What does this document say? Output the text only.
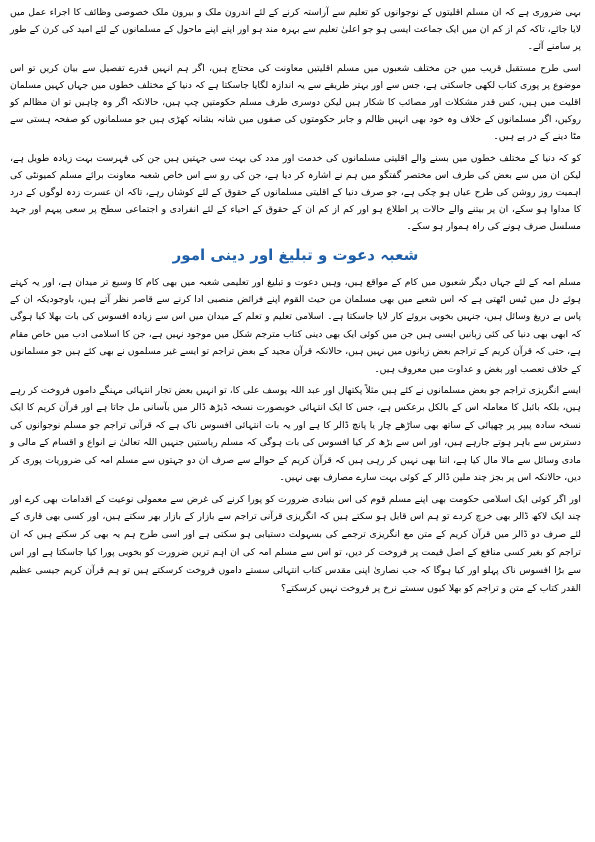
بہی ضروری ہے کہ ان مسلم اقلیتوں کے نوجوانوں کو تعلیم سے آراستہ کرنے کے لئے اندرون ملک و بیرون ملک خصوصی وظائف کا اجراء عمل میں لایا جائے، تاکہ کم از کم ان میں ایک جماعت ایسی ہو جو اعلیٰ تعلیم سے بہرہ مند ہو اور اپنے اپنے ماحول کے مسلمانوں کے لئے امید کی کرن کے طور پر سامنے آئے۔

اسی طرح مستقبل قریب میں جن مختلف شعبوں میں مسلم اقلیتیں معاونت کی محتاج ہیں، اگر ہم انہیں قدرے تفصیل سے بیان کریں تو اس موضوع پر پوری کتاب لکھی جاسکتی ہے، جس سے اور بہتر طریقے سے یہ اندازہ لگایا جاسکتا ہے کہ دنیا کے مختلف خطوں میں جہاں کہیں مسلمان اقلیت میں ہیں، کس قدر مشکلات اور مصائب کا شکار ہیں لیکن دوسری طرف مسلم حکومتیں چپ ہیں، حالانکہ اگر وہ چاہیں تو ان مظالم کو روکیں، اگر مسلمانوں کے خلاف وہ خود بھی انہیں ظالم و جابر حکومتوں کی صفوں میں شانہ بشانہ کھڑی ہیں جو مسلمانوں کو صفحہ ہستی سے مٹا دینے کے در پے ہیں۔

کو کہ دنیا کے مختلف خطوں میں بسنے والے اقلیتی مسلمانوں کی خدمت اور مدد کی بہت سی جہتیں ہیں جن کی فہرست بہت زیادہ طویل ہے، لیکن ان میں سے بعض کی طرف اس مختصر گفتگو میں ہم نے اشارہ کر دیا ہے، جن کی رو سے اس خاص شعبہ معاونت برائے مسلم کمیونٹی کی اہمیت روز روشن کی طرح عیاں ہو چکی ہے، جو صرف دنیا کے اقلیتی مسلمانوں کے حقوق کے لئے کوشاں رہے، تاکہ ان عسرت زدہ لوگوں کے درد کا مداوا ہو سکے، ان پر بیتنے والے حالات پر اطلاع ہو اور کم از کم ان کے حقوق کے احیاء کے لئے انفرادی و اجتماعی سطح پر سعی پیہم اور جہد مسلسل صرف ہونے کی راہ ہموار ہو سکے۔

شعبہ دعوت و تبلیغ اور دینی امور

مسلم امہ کے لئے جہاں دیگر شعبوں میں کام کے مواقع ہیں، وہیں دعوت و تبلیغ اور تعلیمی شعبہ میں بھی کام کا وسیع تر میدان ہے، اور یہ کہتے ہوئے دل میں ٹیس اٹھتی ہے کہ اس شعبے میں بھی مسلمان من حیث القوم اپنے فرائض منصبی ادا کرنے سے قاصر نظر آتے ہیں، باوجودیکہ ان کے پاس بے دریغ وسائل ہیں، جنہیں بخوبی بروئے کار لایا جاسکتا ہے۔ اسلامی تعلیم و تعلم کے میدان میں اس سے زیادہ افسوس کی بات بھلا کیا ہوگی کہ ابھی بھی دنیا کی کئی زبانیں ایسی ہیں جن میں کوئی ایک بھی دینی کتاب مترجم شکل میں موجود نہیں ہے، جن کا اسلامی ادب میں خاص مقام ہے، حتی کہ قرآن کریم کے تراجم بعض زبانوں میں نہیں ہیں، حالانکہ قرآن مجید کے بعض تراجم تو ایسے غیر مسلموں نے بھی کئے ہیں جو مسلمانوں کے خلاف تعصب اور بغض و عداوت میں معروف ہیں۔

ایسے انگریزی تراجم جو بعض مسلمانوں نے کئے ہیں مثلاً پکتھال اور عبد اللہ یوسف علی کا، تو انہیں بعض تجار انتہائی مہنگے داموں فروخت کر رہے ہیں، بلکہ بائبل کا معاملہ اس کے بالکل برعکس ہے، جس کا ایک انتہائی خوبصورت نسخہ ڈیڑھ ڈالر میں بآسانی مل جاتا ہے اور قرآن کریم کا ایک نسخہ سادہ پیپر پر چھپائی کے ساتھ بھی ساڑھے چار یا پانچ ڈالر کا ہے اور یہ بات انتہائی افسوس ناک ہے کہ قرآنی تراجم جو مسلم نوجوانوں کی دسترس سے باہر ہوتے جارہے ہیں، اور اس سے بڑھ کر کیا افسوس کی بات ہوگی کہ مسلم ریاستیں جنہیں اللہ تعالیٰ نے انواع و اقسام کے مالی و مادی وسائل سے مالا مال کیا ہے، اتنا بھی نہیں کر رہی ہیں کہ قرآن کریم کے حوالے سے صرف ان دو جہتوں سے مسلم امہ کی ضروریات پوری کر دیں، حالانکہ اس پر بجز چند ملین ڈالر کے کوئی بہت سارے مصارف بھی نہیں۔

اور اگر کوئی ایک اسلامی حکومت بھی اپنے مسلم قوم کی اس بنیادی ضرورت کو پورا کرنے کی غرض سے معمولی نوعیت کے اقدامات بھی کرے اور چند ایک لاکھ ڈالر بھی خرچ کردے تو ہم اس قابل ہو سکتے ہیں کہ انگریزی قرآنی تراجم سے بازار کے بازار بھر سکتے ہیں، اور کسی بھی قاری کے لئے صرف دو ڈالر میں قرآن کریم کے متن مع انگریزی ترجمے کی بسہولت دستیابی ہو سکتی ہے اور اسی طرح ہم یہ بھی کر سکتے ہیں کہ ان تراجم کو بغیر کسی منافع کے اصل قیمت پر فروخت کر دیں، تو اس سے مسلم امہ کی ان اہم ترین ضرورت کو بخوبی پورا کیا جاسکتا ہے اور اس سے بڑا افسوس ناک پہلو اور کیا ہوگا کہ جب نصاریٰ اپنی مقدس کتاب انتہائی سستے داموں فروخت کرسکتے ہیں تو ہم قرآن کریم جیسی عظیم القدر کتاب کے متن و تراجم کو بھلا کیوں سستے نرخ پر فروخت نہیں کرسکتے؟
